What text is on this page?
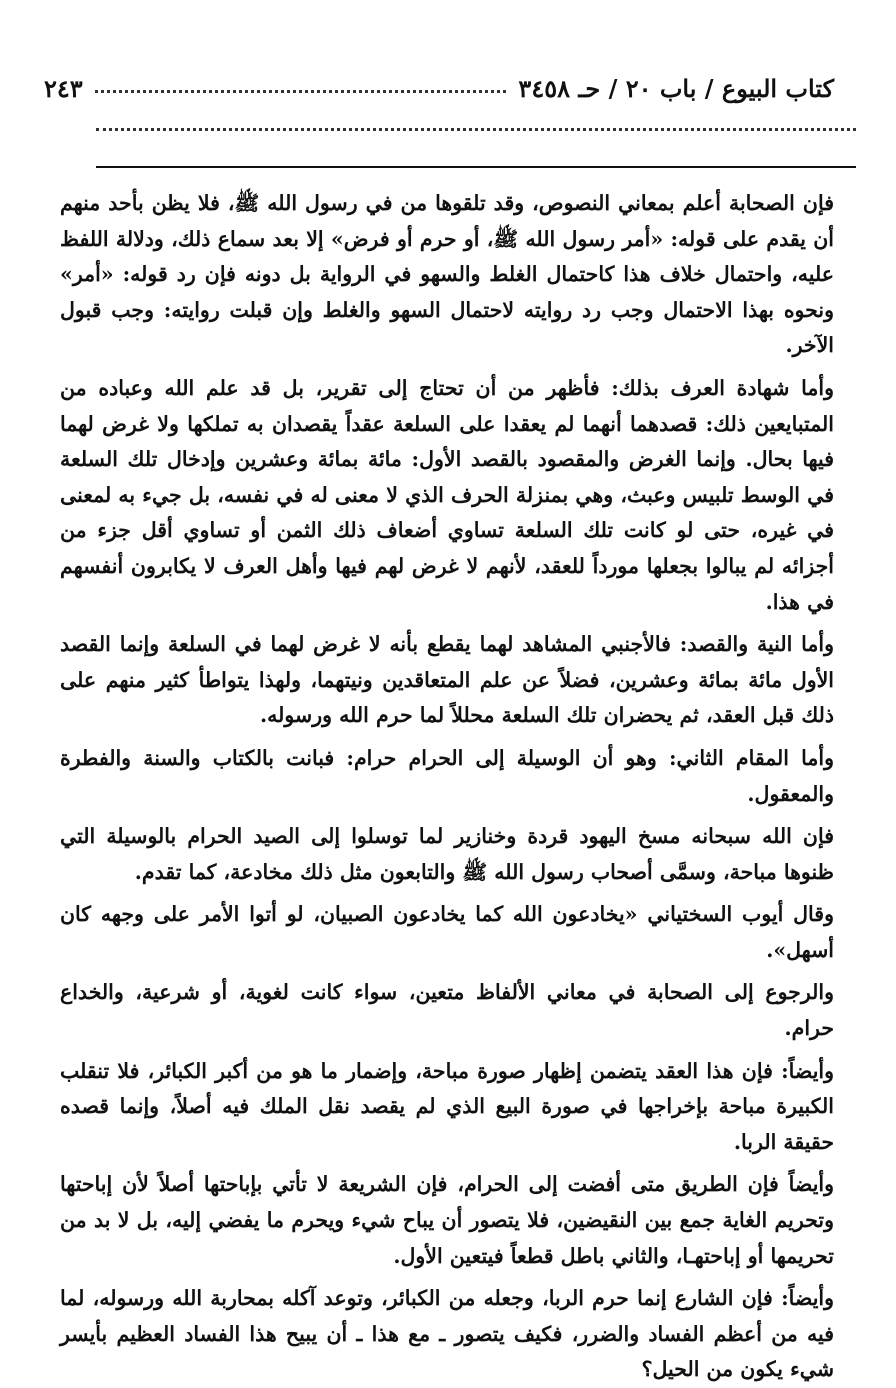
كتاب البيوع / باب ٢٠ / حـ ٣٤٥٨
٢٤٣

فإن الصحابة أعلم بمعاني النصوص، وقد تلقوها من في رسول الله ﷺ، فلا يظن بأحد منهم أن يقدم على قوله: «أمر رسول الله ﷺ، أو حرم أو فرض» إلا بعد سماع ذلك، ودلالة اللفظ عليه، واحتمال خلاف هذا كاحتمال الغلط والسهو في الرواية بل دونه فإن رد قوله: «أمر» ونحوه بهذا الاحتمال وجب رد روايته لاحتمال السهو والغلط وإن قبلت روايته: وجب قبول الآخر.

وأما شهادة العرف بذلك: فأظهر من أن تحتاج إلى تقرير، بل قد علم الله وعباده من المتبايعين ذلك: قصدهما أنهما لم يعقدا على السلعة عقداً يقصدان به تملكها ولا غرض لهما فيها بحال. وإنما الغرض والمقصود بالقصد الأول: مائة بمائة وعشرين وإدخال تلك السلعة في الوسط تلبيس وعبث، وهي بمنزلة الحرف الذي لا معنى له في نفسه، بل جيء به لمعنى في غيره، حتى لو كانت تلك السلعة تساوي أضعاف ذلك الثمن أو تساوي أقل جزء من أجزائه لم يبالوا بجعلها مورداً للعقد، لأنهم لا غرض لهم فيها وأهل العرف لا يكابرون أنفسهم في هذا.

وأما النية والقصد: فالأجنبي المشاهد لهما يقطع بأنه لا غرض لهما في السلعة وإنما القصد الأول مائة بمائة وعشرين، فضلاً عن علم المتعاقدين ونيتهما، ولهذا يتواطأ كثير منهم على ذلك قبل العقد، ثم يحضران تلك السلعة محللاً لما حرم الله ورسوله.

وأما المقام الثاني: وهو أن الوسيلة إلى الحرام حرام: فبانت بالكتاب والسنة والفطرة والمعقول.

فإن الله سبحانه مسخ اليهود قردة وخنازير لما توسلوا إلى الصيد الحرام بالوسيلة التي ظنوها مباحة، وسمَّى أصحاب رسول الله ﷺ والتابعون مثل ذلك مخادعة، كما تقدم.

وقال أيوب السختياني «يخادعون الله كما يخادعون الصبيان، لو أتوا الأمر على وجهه كان أسهل».

والرجوع إلى الصحابة في معاني الألفاظ متعين، سواء كانت لغوية، أو شرعية، والخداع حرام.

وأيضاً: فإن هذا العقد يتضمن إظهار صورة مباحة، وإضمار ما هو من أكبر الكبائر، فلا تنقلب الكبيرة مباحة بإخراجها في صورة البيع الذي لم يقصد نقل الملك فيه أصلاً، وإنما قصده حقيقة الربا.

وأيضاً فإن الطريق متى أفضت إلى الحرام، فإن الشريعة لا تأتي بإباحتها أصلاً لأن إباحتها وتحريم الغاية جمع بين النقيضين، فلا يتصور أن يباح شيء ويحرم ما يفضي إليه، بل لا بد من تحريمها أو إباحتهـا، والثاني باطل قطعاً فيتعين الأول.

وأيضاً: فإن الشارع إنما حرم الربا، وجعله من الكبائر، وتوعد آكله بمحاربة الله ورسوله، لما فيه من أعظم الفساد والضرر، فكيف يتصور ـ مع هذا ـ أن يبيح هذا الفساد العظيم بأيسر شيء يكون من الحيل؟
